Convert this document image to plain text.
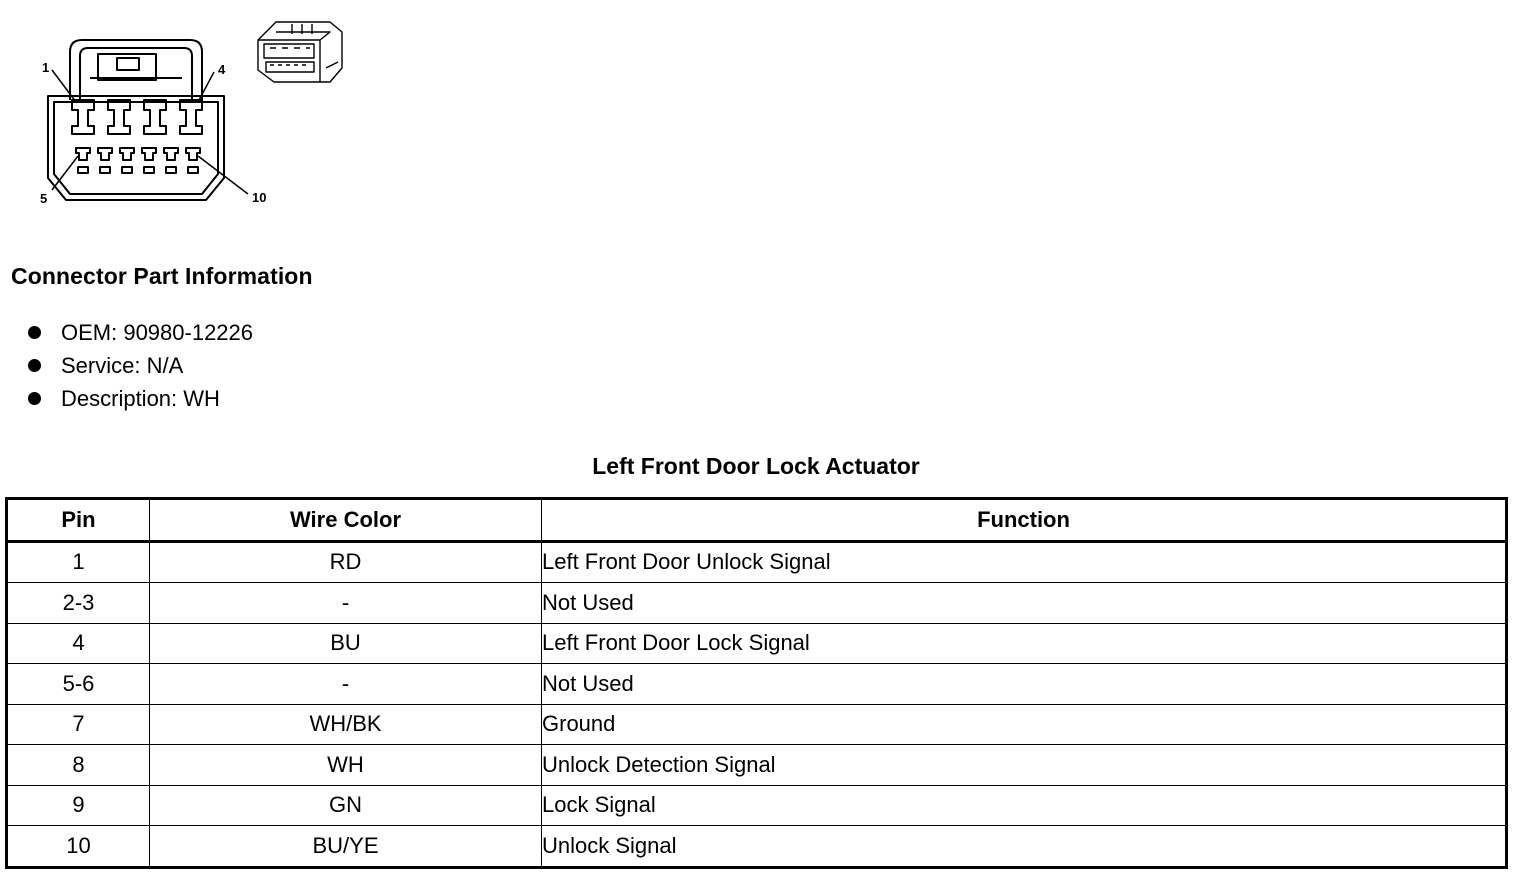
1	4
5	10
Connector Part Information
OEM: 90980-12226
Service: N/A
Description: WH
Left Front Door Lock Actuator
Pin	Wire Color	Function
1	RD	Left Front Door Unlock Signal
2-3	-	Not Used
4	BU	Left Front Door Lock Signal
5-6	-	Not Used
7	WH/BK	Ground
8	WH	Unlock Detection Signal
9	GN	Lock Signal
10	BU/YE	Unlock Signal
